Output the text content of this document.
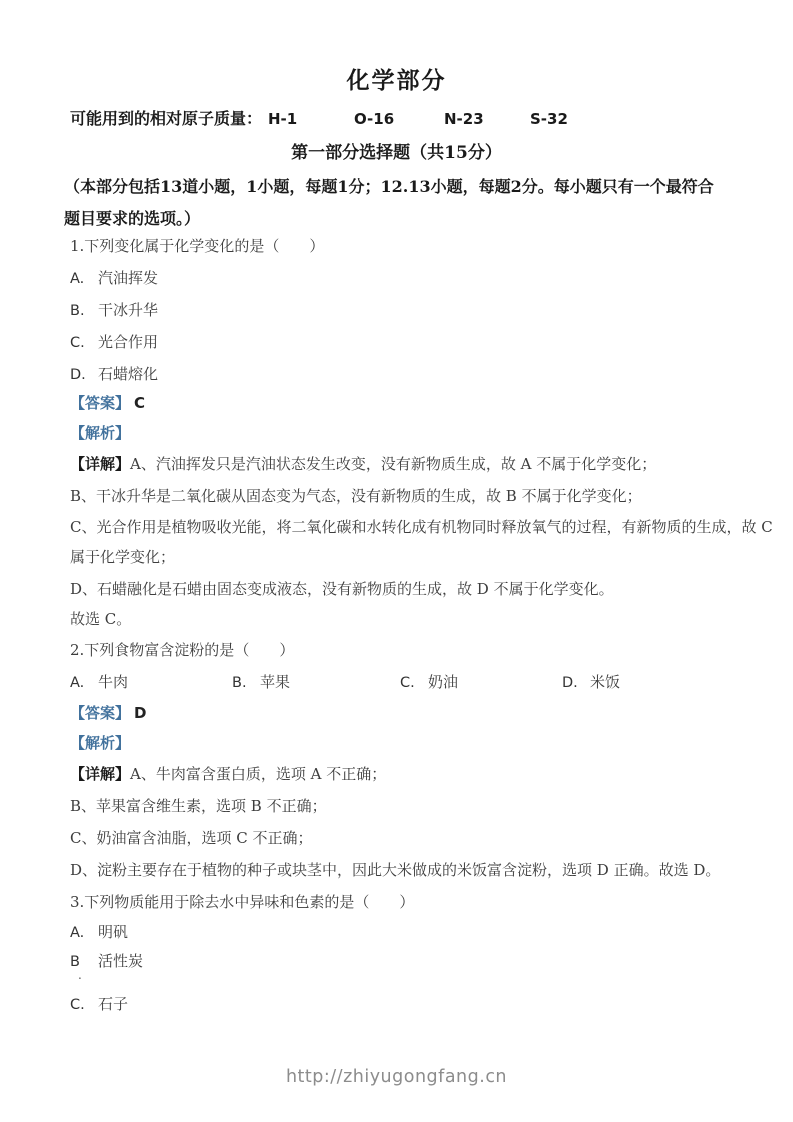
化学部分
可能用到的相对原子质量： H-1	O-16	N-23	S-32
第一部分选择题（共15分）
（本部分包括13道小题，1小题，每题1分；12.13小题，每题2分。每小题只有一个最符合
题目要求的选项。）
1.下列变化属于化学变化的是（　　）
A. 汽油挥发
B. 干冰升华
C. 光合作用
D. 石蜡熔化
【答案】 C
【解析】
【详解】A、汽油挥发只是汽油状态发生改变，没有新物质生成，故 A 不属于化学变化；
B、干冰升华是二氧化碳从固态变为气态，没有新物质的生成，故 B 不属于化学变化；
C、光合作用是植物吸收光能，将二氧化碳和水转化成有机物同时释放氧气的过程，有新物质的生成，故 C
属于化学变化；
D、石蜡融化是石蜡由固态变成液态，没有新物质的生成，故 D 不属于化学变化。
故选 C。
2.下列食物富含淀粉的是（　　）
A. 牛肉	B. 苹果	C. 奶油	D. 米饭
【答案】 D
【解析】
【详解】A、牛肉富含蛋白质，选项 A 不正确；
B、苹果富含维生素，选项 B 不正确；
C、奶油富含油脂，选项 C 不正确；
D、淀粉主要存在于植物的种子或块茎中，因此大米做成的米饭富含淀粉，选项 D 正确。故选 D。
3.下列物质能用于除去水中异味和色素的是（　　）
A. 明矾
B 活性炭
.
C. 石子
http://zhiyugongfang.cn
